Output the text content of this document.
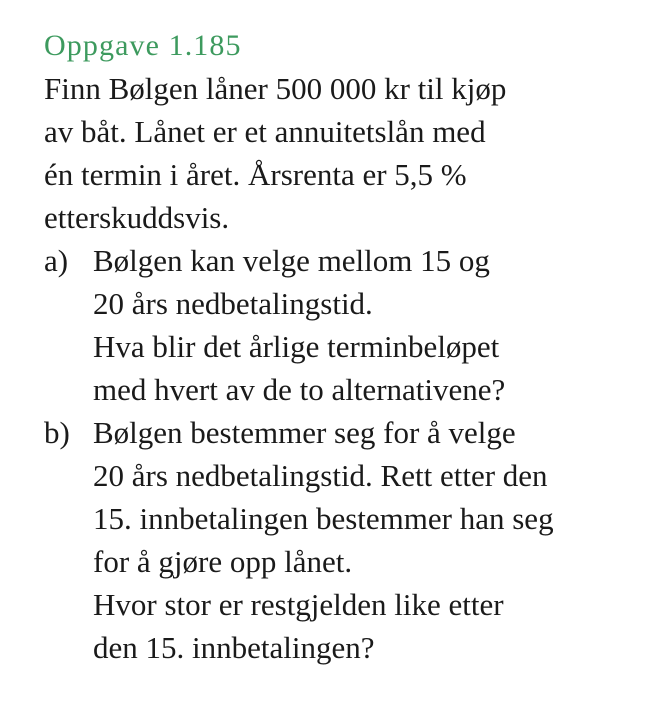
Oppgave 1.185

Finn Bølgen låner 500 000 kr til kjøp
av båt. Lånet er et annuitetslån med
én termin i året. Årsrenta er 5,5 %
etterskuddsvis.

a) Bølgen kan velge mellom 15 og
20 års nedbetalingstid.
Hva blir det årlige terminbeløpet
med hvert av de to alternativene?
b) Bølgen bestemmer seg for å velge
20 års nedbetalingstid. Rett etter den
15. innbetalingen bestemmer han seg
for å gjøre opp lånet.
Hvor stor er restgjelden like etter
den 15. innbetalingen?
